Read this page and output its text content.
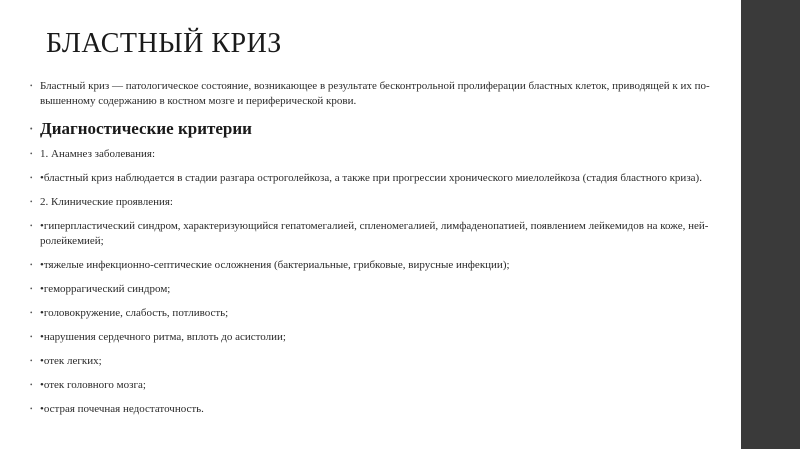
БЛАСТНЫЙ КРИЗ

• Бластный криз — патологическое состояние, возникающее в результате бесконтрольной пролиферации бластных клеток, приводящей к их по-вышенному содержанию в костном мозге и периферической крови.

• Диагностические критерии

• 1. Анамнез заболевания:

• •бластный криз наблюдается в стадии разгара остроголейкоза, а также при прогрессии хронического миелолейкоза (стадия бластного криза).

• 2. Клинические проявления:

• •гиперпластический синдром, характеризующийся гепатомегалией, спленомегалией, лимфаденопатией, появлением лейкемидов на коже, ней-ролейкемией;

• •тяжелые инфекционно-септические осложнения (бактериальные, грибковые, вирусные инфекции);

• •геморрагический синдром;

• •головокружение, слабость, потливость;

• •нарушения сердечного ритма, вплоть до асистолии;

• •отек легких;

• •отек головного мозга;

• •острая почечная недостаточность.
